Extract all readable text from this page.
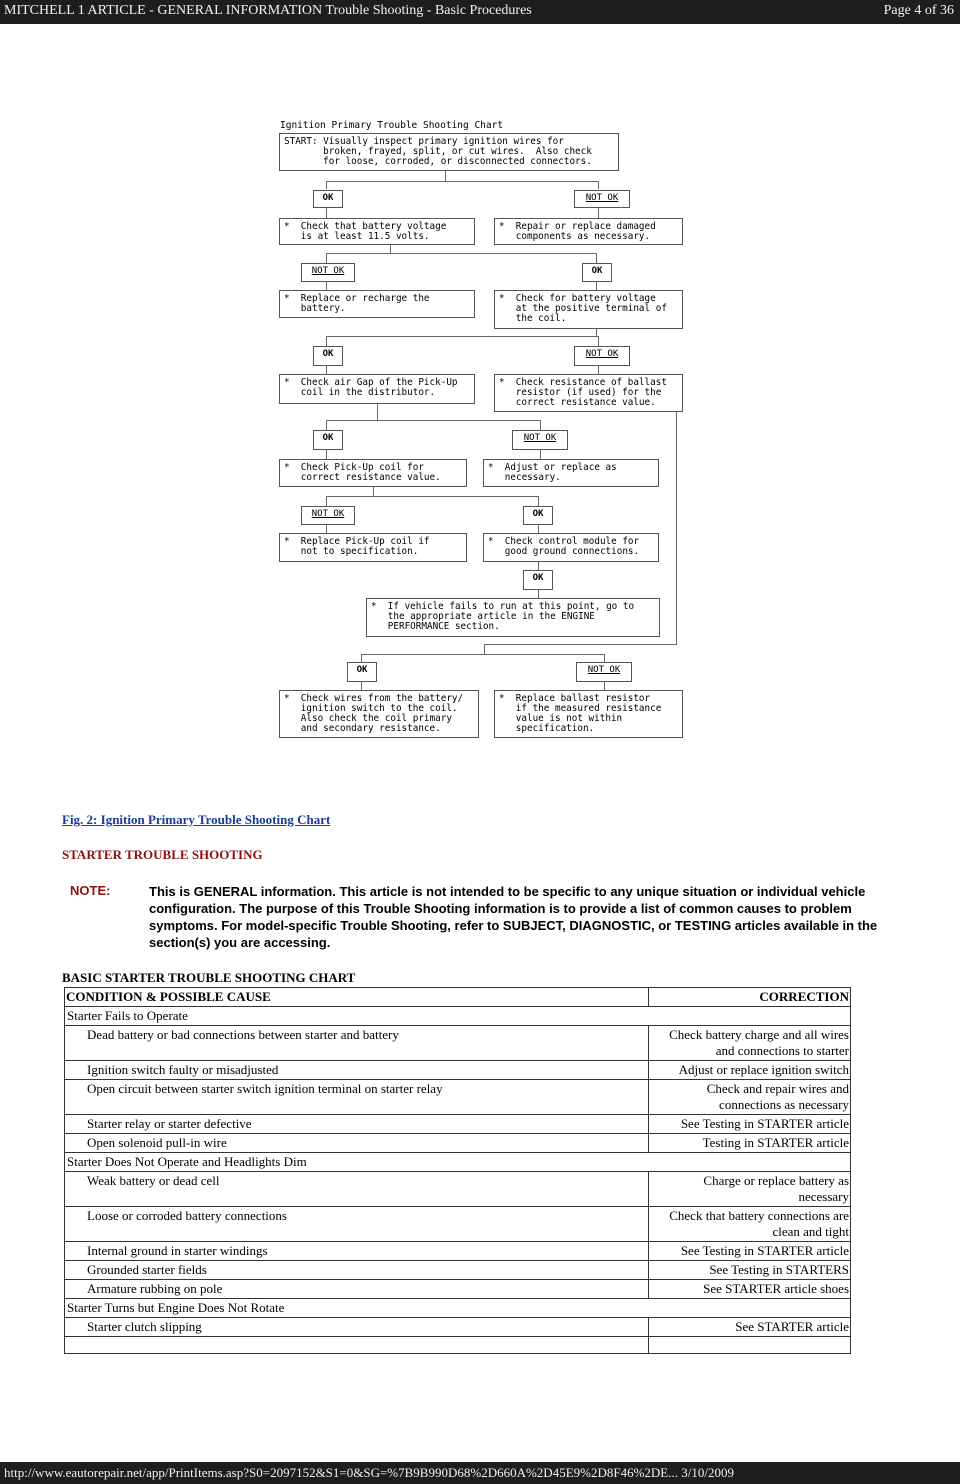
MITCHELL 1 ARTICLE - GENERAL INFORMATION Trouble Shooting - Basic Procedures	Page 4 of 36
Ignition Primary Trouble Shooting Chart
START: Visually inspect primary ignition wires for
broken, frayed, split, or cut wires.  Also check
for loose, corroded, or disconnected connectors.
OK	NOT OK
*  Check that battery voltage
is at least 11.5 volts.
*  Repair or replace damaged
components as necessary.
NOT OK	OK
*  Replace or recharge the
battery.
*  Check for battery voltage
at the positive terminal of
the coil.
OK	NOT OK
*  Check air Gap of the Pick-Up
coil in the distributor.
*  Check resistance of ballast
resistor (if used) for the
correct resistance value.
OK	NOT OK
*  Check Pick-Up coil for
correct resistance value.
*  Adjust or replace as
necessary.
NOT OK	OK
*  Replace Pick-Up coil if
not to specification.
*  Check control module for
good ground connections.
OK
*  If vehicle fails to run at this point, go to
the appropriate article in the ENGINE
PERFORMANCE section.
OK	NOT OK
*  Check wires from the battery/
ignition switch to the coil.
Also check the coil primary
and secondary resistance.
*  Replace ballast resistor
if the measured resistance
value is not within
specification.
Fig. 2: Ignition Primary Trouble Shooting Chart
STARTER TROUBLE SHOOTING
NOTE:	This is GENERAL information. This article is not intended to be specific to any unique situation or individual vehicle configuration. The purpose of this Trouble Shooting information is to provide a list of common causes to problem symptoms. For model-specific Trouble Shooting, refer to SUBJECT, DIAGNOSTIC, or TESTING articles available in the section(s) you are accessing.
BASIC STARTER TROUBLE SHOOTING CHART
CONDITION & POSSIBLE CAUSE	CORRECTION
Starter Fails to Operate	
Dead battery or bad connections between starter and battery	Check battery charge and all wires and connections to starter
Ignition switch faulty or misadjusted	Adjust or replace ignition switch
Open circuit between starter switch ignition terminal on starter relay	Check and repair wires and connections as necessary
Starter relay or starter defective	See Testing in STARTER article
Open solenoid pull-in wire	Testing in STARTER article
Starter Does Not Operate and Headlights Dim	
Weak battery or dead cell	Charge or replace battery as necessary
Loose or corroded battery connections	Check that battery connections are clean and tight
Internal ground in starter windings	See Testing in STARTER article
Grounded starter fields	See Testing in STARTERS
Armature rubbing on pole	See STARTER article shoes
Starter Turns but Engine Does Not Rotate	
Starter clutch slipping	See STARTER article

http://www.eautorepair.net/app/PrintItems.asp?S0=2097152&S1=0&SG=%7B9B990D68%2D660A%2D45E9%2D8F46%2DE... 3/10/2009
